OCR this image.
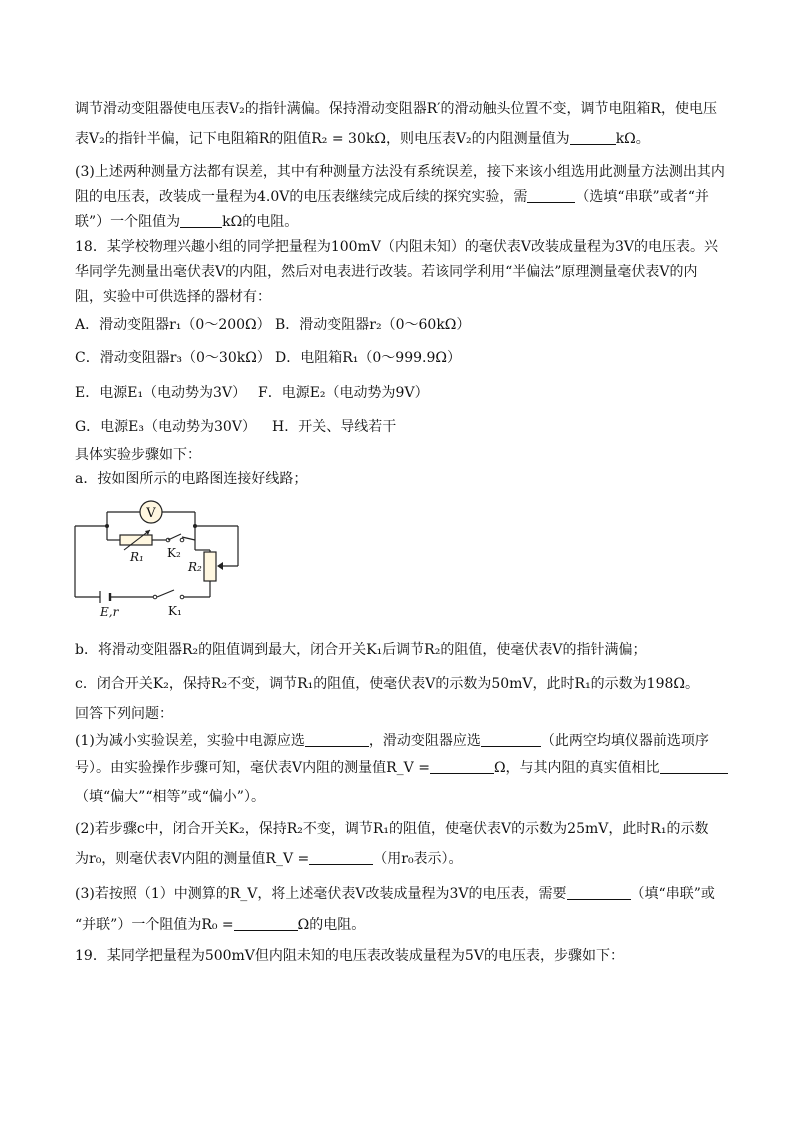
调节滑动变阻器使电压表V₂的指针满偏。保持滑动变阻器R′的滑动触头位置不变，调节电阻箱R，使电压
表V₂的指针半偏，记下电阻箱R的阻值R₂ = 30kΩ，则电压表V₂的内阻测量值为	kΩ。
(3)上述两种测量方法都有误差，其中有种测量方法没有系统误差，接下来该小组选用此测量方法测出其内
阻的电压表，改装成一量程为4.0V的电压表继续完成后续的探究实验，需	（选填“串联”或者“并
联”）一个阻值为	kΩ的电阻。
18．某学校物理兴趣小组的同学把量程为100mV（内阻未知）的毫伏表V改装成量程为3V的电压表。兴
华同学先测量出毫伏表V的内阻，然后对电表进行改装。若该同学利用“半偏法”原理测量毫伏表V的内
阻，实验中可供选择的器材有：
A．滑动变阻器r₁（0～200Ω） B．滑动变阻器r₂（0～60kΩ）
C．滑动变阻器r₃（0～30kΩ） D．电阻箱R₁（0～999.9Ω）
E．电源E₁（电动势为3V） F．电源E₂（电动势为9V）
G．电源E₃（电动势为30V） H．开关、导线若干
具体实验步骤如下：
a．按如图所示的电路图连接好线路；
V
R₁ K₂
R₂
E,r	K₁
b．将滑动变阻器R₂的阻值调到最大，闭合开关K₁后调节R₂的阻值，使毫伏表V的指针满偏；
c．闭合开关K₂，保持R₂不变，调节R₁的阻值，使毫伏表V的示数为50mV，此时R₁的示数为198Ω。
回答下列问题：
(1)为减小实验误差，实验中电源应选	，滑动变阻器应选	（此两空均填仪器前选项序
号）。由实验操作步骤可知，毫伏表V内阻的测量值R_V =	Ω，与其内阻的真实值相比
（填“偏大”“相等”或“偏小”）。
(2)若步骤c中，闭合开关K₂，保持R₂不变，调节R₁的阻值，使毫伏表V的示数为25mV，此时R₁的示数
为r₀，则毫伏表V内阻的测量值R_V =	（用r₀表示）。
(3)若按照（1）中测算的R_V，将上述毫伏表V改装成量程为3V的电压表，需要	（填“串联”或
“并联”）一个阻值为R₀ =	Ω的电阻。
19．某同学把量程为500mV但内阻未知的电压表改装成量程为5V的电压表，步骤如下：
